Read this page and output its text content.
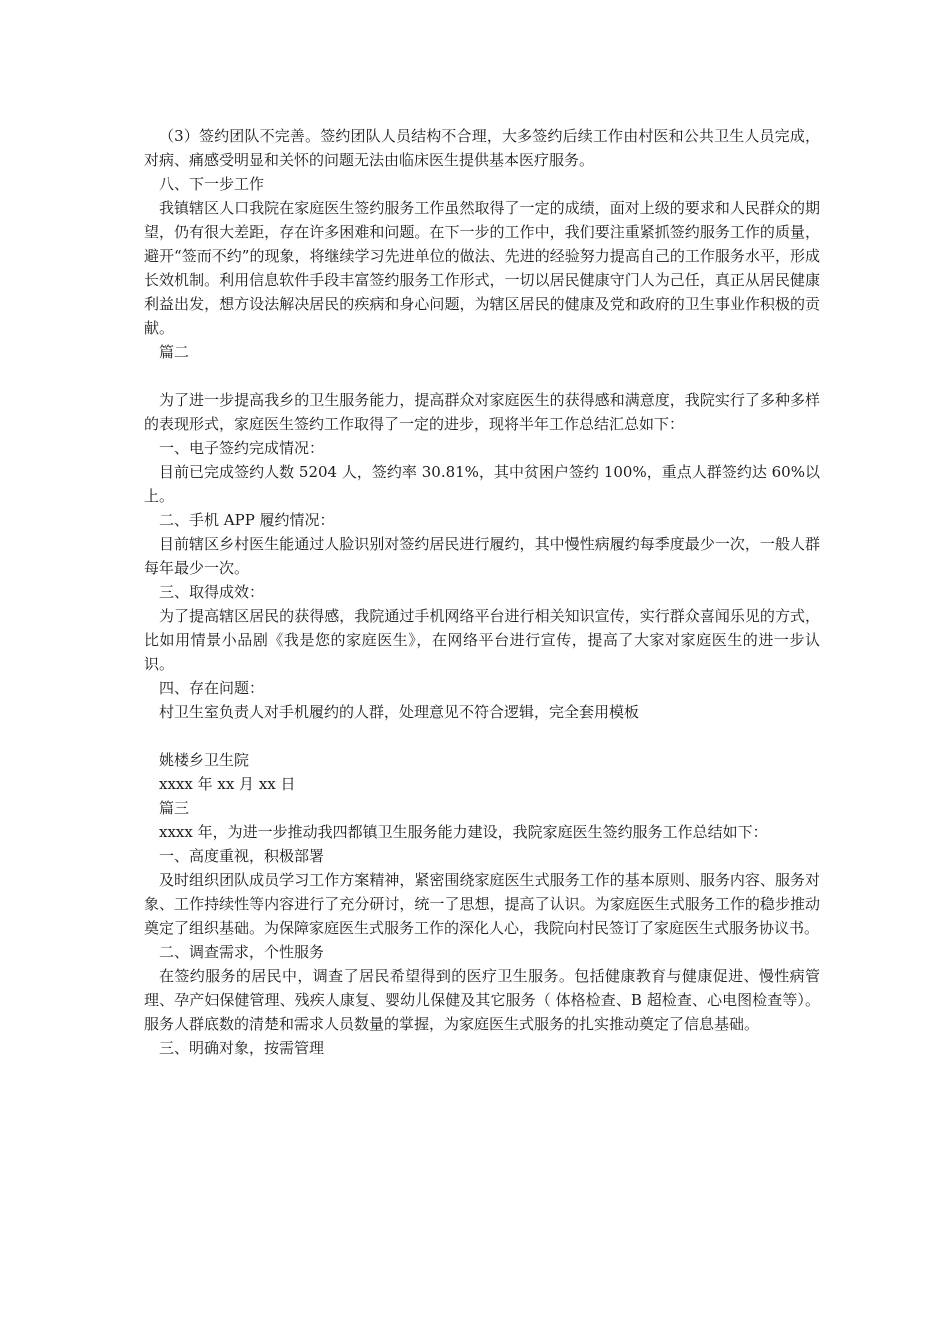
（3）签约团队不完善。签约团队人员结构不合理，大多签约后续工作由村医和公共卫生人员完成，对病、痛感受明显和关怀的问题无法由临床医生提供基本医疗服务。

八、下一步工作

我镇辖区人口我院在家庭医生签约服务工作虽然取得了一定的成绩，面对上级的要求和人民群众的期望，仍有很大差距，存在许多困难和问题。在下一步的工作中，我们要注重紧抓签约服务工作的质量，避开“签而不约”的现象，将继续学习先进单位的做法、先进的经验努力提高自己的工作服务水平，形成长效机制。利用信息软件手段丰富签约服务工作形式，一切以居民健康守门人为己任，真正从居民健康利益出发，想方设法解决居民的疾病和身心问题，为辖区居民的健康及党和政府的卫生事业作积极的贡献。

篇二

为了进一步提高我乡的卫生服务能力，提高群众对家庭医生的获得感和满意度，我院实行了多种多样的表现形式，家庭医生签约工作取得了一定的进步，现将半年工作总结汇总如下：

一、电子签约完成情况：

目前已完成签约人数 5204 人，签约率 30.81%，其中贫困户签约 100%，重点人群签约达 60%以上。

二、手机 APP 履约情况：

目前辖区乡村医生能通过人脸识别对签约居民进行履约，其中慢性病履约每季度最少一次，一般人群每年最少一次。

三、取得成效：

为了提高辖区居民的获得感，我院通过手机网络平台进行相关知识宣传，实行群众喜闻乐见的方式，比如用情景小品剧《我是您的家庭医生》，在网络平台进行宣传，提高了大家对家庭医生的进一步认识。

四、存在问题：

村卫生室负责人对手机履约的人群，处理意见不符合逻辑，完全套用模板

姚楼乡卫生院

xxxx 年 xx 月 xx 日

篇三

xxxx 年，为进一步推动我四都镇卫生服务能力建设，我院家庭医生签约服务工作总结如下：

一、高度重视，积极部署

及时组织团队成员学习工作方案精神，紧密围绕家庭医生式服务工作的基本原则、服务内容、服务对象、工作持续性等内容进行了充分研讨，统一了思想，提高了认识。为家庭医生式服务工作的稳步推动奠定了组织基础。为保障家庭医生式服务工作的深化人心，我院向村民签订了家庭医生式服务协议书。

二、调查需求，个性服务

在签约服务的居民中，调查了居民希望得到的医疗卫生服务。包括健康教育与健康促进、慢性病管理、孕产妇保健管理、残疾人康复、婴幼儿保健及其它服务（ 体格检查、B 超检查、心电图检查等）。服务人群底数的清楚和需求人员数量的掌握，为家庭医生式服务的扎实推动奠定了信息基础。

三、明确对象，按需管理
